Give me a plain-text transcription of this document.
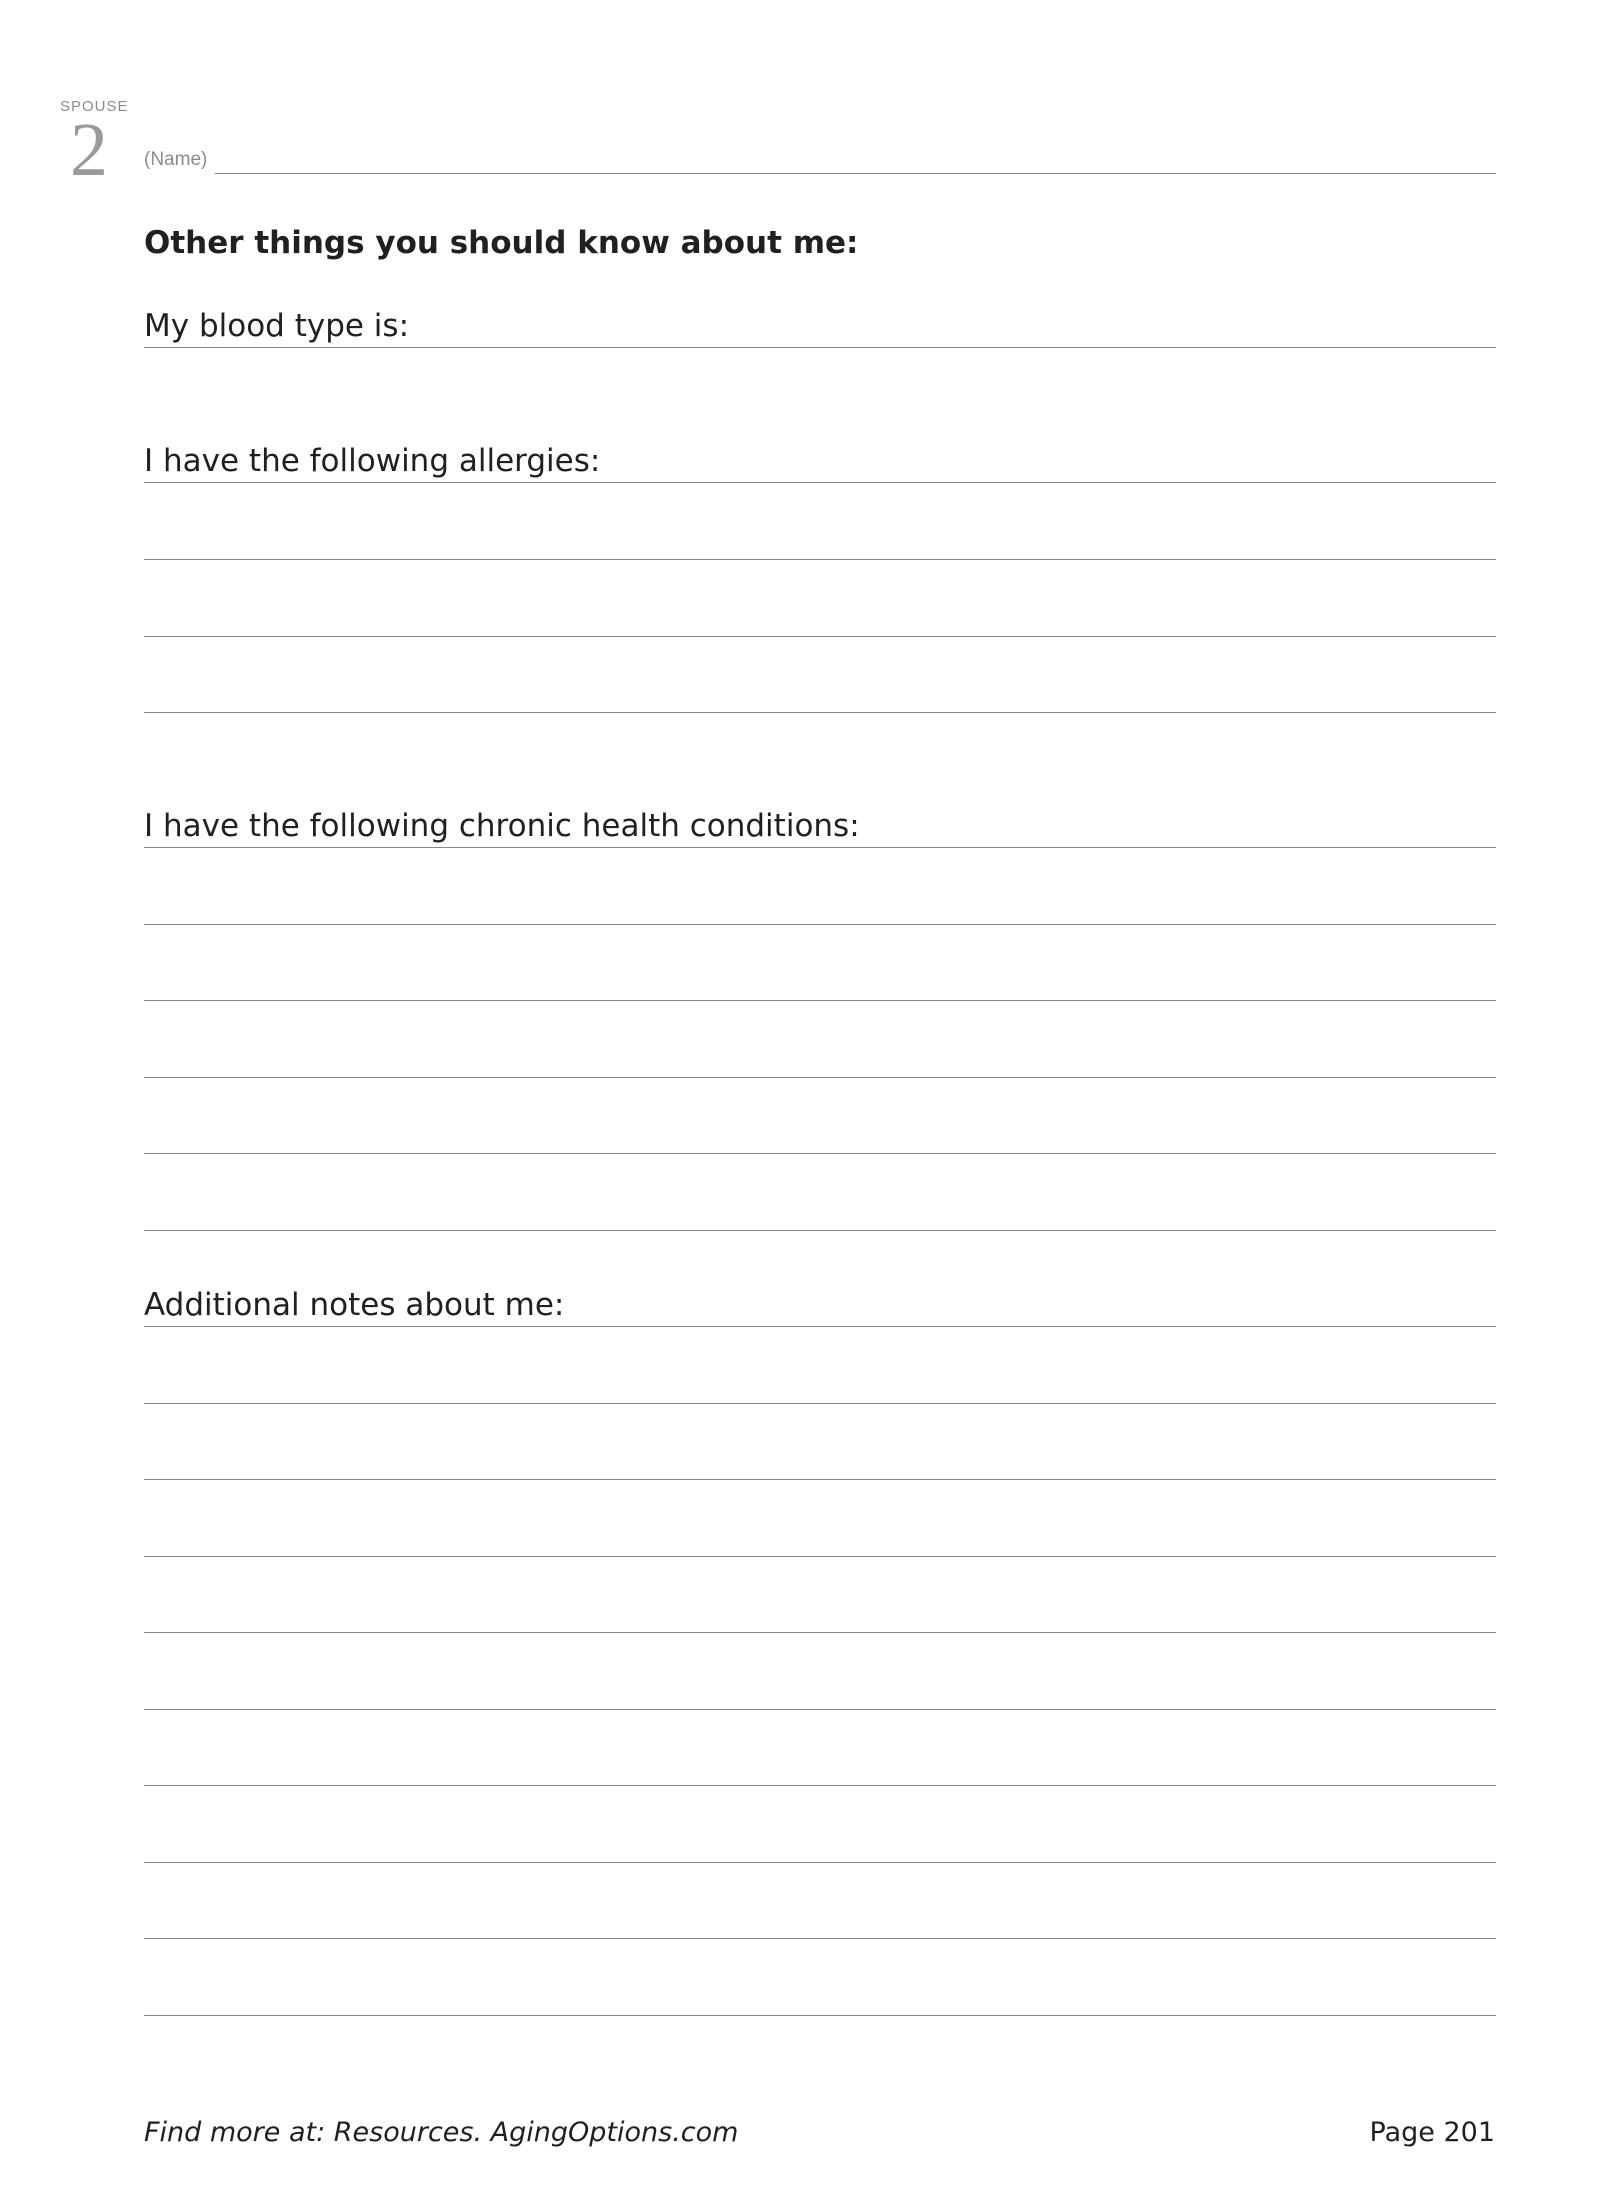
SPOUSE
2 (Name)
Other things you should know about me:
My blood type is:
I have the following allergies:
I have the following chronic health conditions:
Additional notes about me:
Find more at: Resources. AgingOptions.com	Page 201
